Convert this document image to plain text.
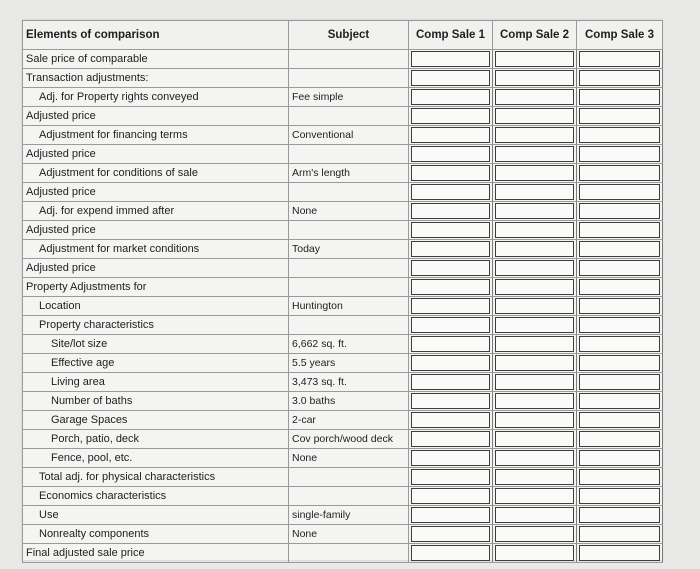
Elements of comparison	Subject	Comp Sale 1	Comp Sale 2	Comp Sale 3
Sale price of comparable		

Transaction adjustments:		

Adj. for Property rights conveyed	Fee simple	

Adjusted price		

Adjustment for financing terms	Conventional	

Adjusted price		

Adjustment for conditions of sale	Arm's length	

Adjusted price		

Adj. for expend immed after	None	

Adjusted price		

Adjustment for market conditions	Today	

Adjusted price		

Property Adjustments for		

Location	Huntington	

Property characteristics		

Site/lot size	6,662 sq. ft.	

Effective age	5.5 years	

Living area	3,473 sq. ft.	

Number of baths	3.0 baths	

Garage Spaces	2-car	

Porch, patio, deck	Cov porch/wood deck	

Fence, pool, etc.	None	

Total adj. for physical characteristics		

Economics characteristics		

Use	single-family	

Nonrealty components	None	

Final adjusted sale price		
